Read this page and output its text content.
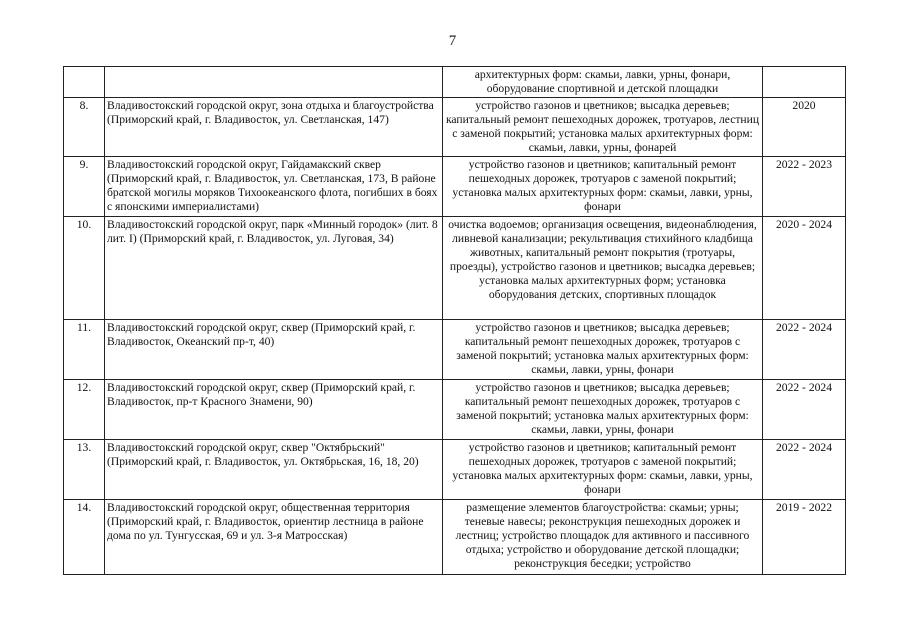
7
		архитектурных форм: скамьи, лавки, урны, фонари, оборудование спортивной и детской площадки	
8.	Владивостокский городской округ, зона отдыха и благоустройства (Приморский край, г. Владивосток, ул. Светланская, 147)	устройство газонов и цветников; высадка деревьев; капитальный ремонт пешеходных дорожек, тротуаров, лестниц с заменой покрытий; установка малых архитектурных форм: скамьи, лавки, урны, фонарей	2020
9.	Владивостокский городской округ, Гайдамакский сквер (Приморский край, г. Владивосток, ул. Светланская, 173, В районе братской могилы моряков Тихоокеанского флота, погибших в боях с японскими империалистами)	устройство газонов и цветников; капитальный ремонт пешеходных дорожек, тротуаров с заменой покрытий; установка малых архитектурных форм: скамьи, лавки, урны, фонари	2022 - 2023
10.	Владивостокский городской округ, парк «Минный городок» (лит. 8 лит. I) (Приморский край, г. Владивосток, ул. Луговая, 34)	очистка водоемов; организация освещения, видеонаблюдения, ливневой канализации; рекультивация стихийного кладбища животных, капитальный ремонт покрытия (тротуары, проезды), устройство газонов и цветников; высадка деревьев; установка малых архитектурных форм; установка оборудования детских, спортивных площадок	2020 - 2024
11.	Владивостокский городской округ, сквер (Приморский край, г. Владивосток, Океанский пр-т, 40)	устройство газонов и цветников; высадка деревьев; капитальный ремонт пешеходных дорожек, тротуаров с заменой покрытий; установка малых архитектурных форм: скамьи, лавки, урны, фонари	2022 - 2024
12.	Владивостокский городской округ, сквер (Приморский край, г. Владивосток, пр-т Красного Знамени, 90)	устройство газонов и цветников; высадка деревьев; капитальный ремонт пешеходных дорожек, тротуаров с заменой покрытий; установка малых архитектурных форм: скамьи, лавки, урны, фонари	2022 - 2024
13.	Владивостокский городской округ, сквер "Октябрьский" (Приморский край, г. Владивосток, ул. Октябрьская, 16, 18, 20)	устройство газонов и цветников; капитальный ремонт пешеходных дорожек, тротуаров с заменой покрытий; установка малых архитектурных форм: скамьи, лавки, урны, фонари	2022 - 2024
14.	Владивостокский городской округ, общественная территория (Приморский край, г. Владивосток, ориентир лестница в районе дома по ул. Тунгусская, 69 и ул. 3-я Матросская)	размещение элементов благоустройства: скамьи; урны; теневые навесы; реконструкция пешеходных дорожек и лестниц; устройство площадок для активного и пассивного отдыха; устройство и оборудование детской площадки; реконструкция беседки; устройство	2019 - 2022
